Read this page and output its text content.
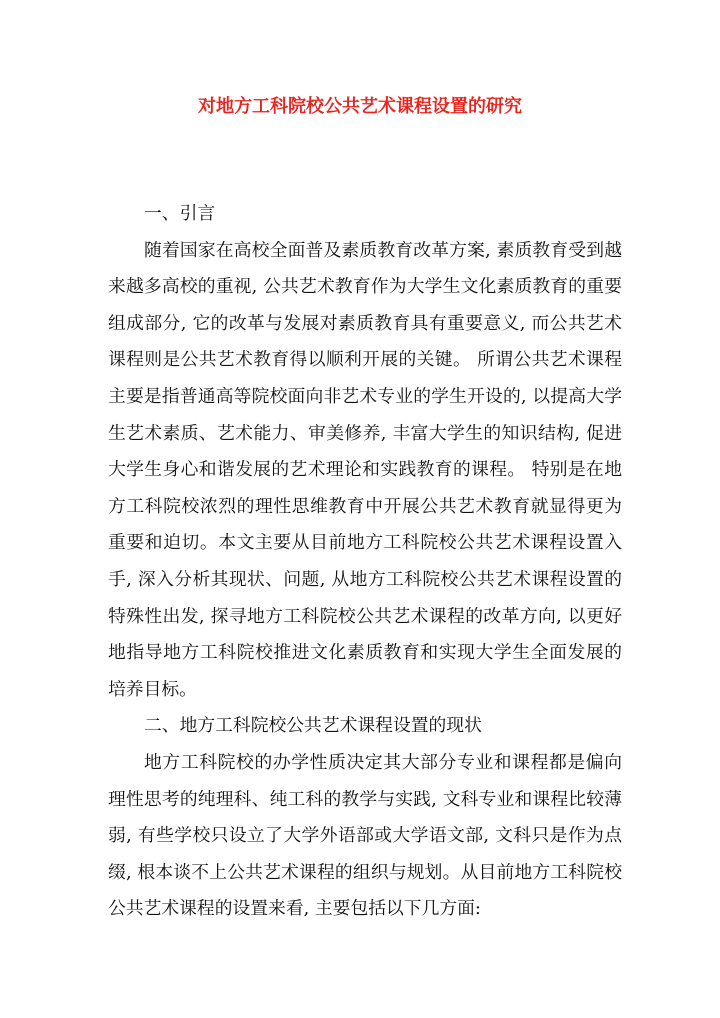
对地方工科院校公共艺术课程设置的研究

一、引言

随着国家在高校全面普及素质教育改革方案, 素质教育受到越来越多高校的重视, 公共艺术教育作为大学生文化素质教育的重要组成部分, 它的改革与发展对素质教育具有重要意义, 而公共艺术课程则是公共艺术教育得以顺利开展的关键。 所谓公共艺术课程主要是指普通高等院校面向非艺术专业的学生开设的, 以提高大学生艺术素质、艺术能力、审美修养, 丰富大学生的知识结构, 促进大学生身心和谐发展的艺术理论和实践教育的课程。 特别是在地方工科院校浓烈的理性思维教育中开展公共艺术教育就显得更为重要和迫切。本文主要从目前地方工科院校公共艺术课程设置入手, 深入分析其现状、问题, 从地方工科院校公共艺术课程设置的特殊性出发, 探寻地方工科院校公共艺术课程的改革方向, 以更好地指导地方工科院校推进文化素质教育和实现大学生全面发展的培养目标。

二、地方工科院校公共艺术课程设置的现状

地方工科院校的办学性质决定其大部分专业和课程都是偏向理性思考的纯理科、纯工科的教学与实践, 文科专业和课程比较薄弱, 有些学校只设立了大学外语部或大学语文部, 文科只是作为点缀, 根本谈不上公共艺术课程的组织与规划。从目前地方工科院校公共艺术课程的设置来看, 主要包括以下几方面:
